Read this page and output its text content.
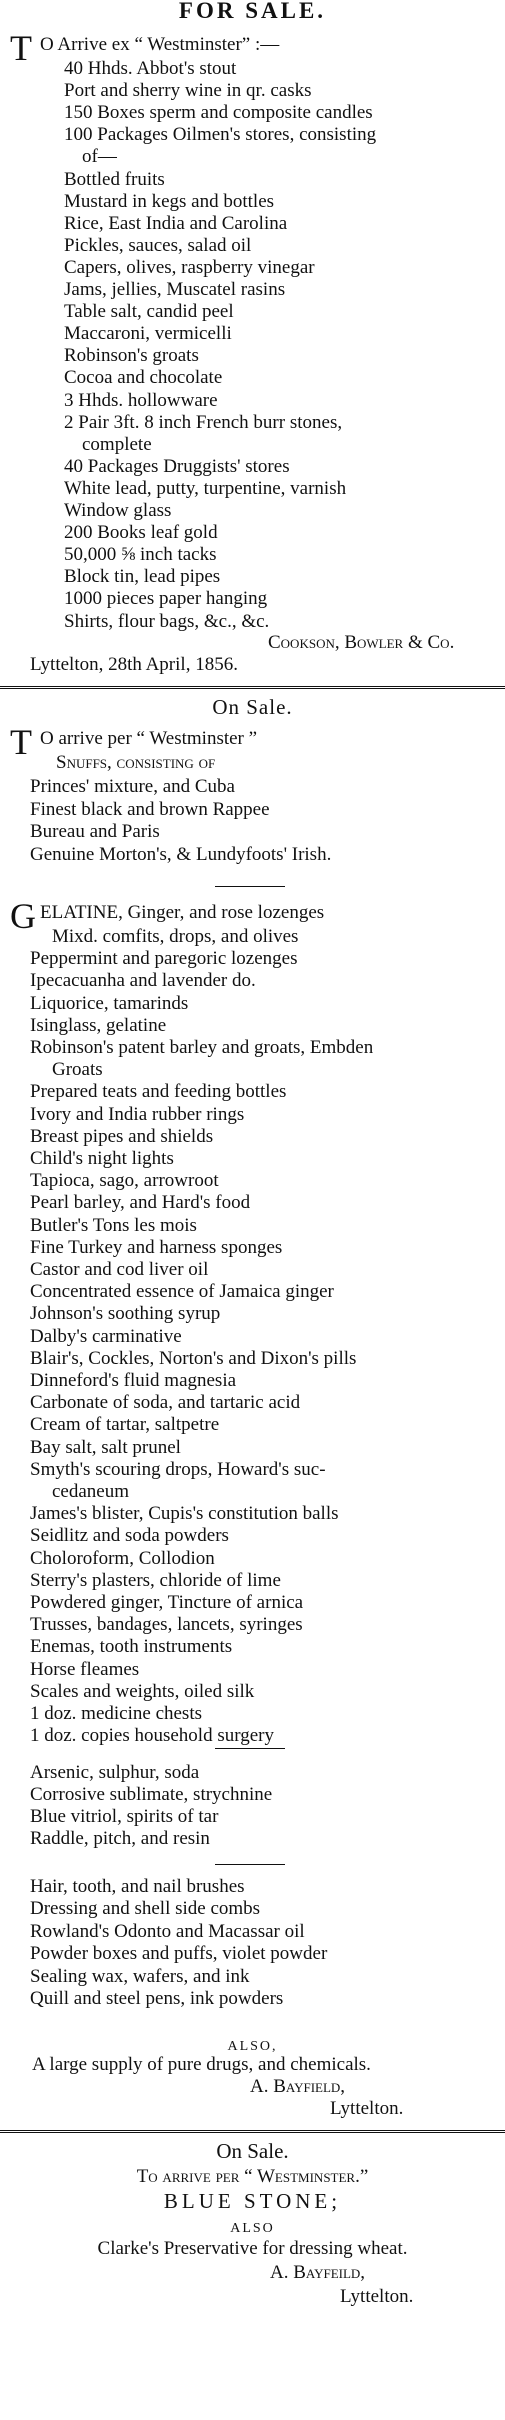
FOR SALE.
T O Arrive ex “ Westminster” :—
40 Hhds. Abbot's stout
Port and sherry wine in qr. casks
150 Boxes sperm and composite candles
100 Packages Oilmen's stores, consisting
of—
Bottled fruits
Mustard in kegs and bottles
Rice, East India and Carolina
Pickles, sauces, salad oil
Capers, olives, raspberry vinegar
Jams, jellies, Muscatel rasins
Table salt, candid peel
Maccaroni, vermicelli
Robinson's groats
Cocoa and chocolate
3 Hhds. hollowware
2 Pair 3ft. 8 inch French burr stones,
complete
40 Packages Druggists' stores
White lead, putty, turpentine, varnish
Window glass
200 Books leaf gold
50,000 ⅝ inch tacks
Block tin, lead pipes
1000 pieces paper hanging
Shirts, flour bags, &c., &c.
Cookson, Bowler & Co.
Lyttelton, 28th April, 1856.
On Sale.
T O arrive per “ Westminster ”
Snuffs, consisting of
Princes' mixture, and Cuba
Finest black and brown Rappee
Bureau and Paris
Genuine Morton's, & Lundyfoots' Irish.
G ELATINE, Ginger, and rose lozenges
Mixd. comfits, drops, and olives
Peppermint and paregoric lozenges
Ipecacuanha and lavender do.
Liquorice, tamarinds
Isinglass, gelatine
Robinson's patent barley and groats, Embden
Groats
Prepared teats and feeding bottles
Ivory and India rubber rings
Breast pipes and shields
Child's night lights
Tapioca, sago, arrowroot
Pearl barley, and Hard's food
Butler's Tons les mois
Fine Turkey and harness sponges
Castor and cod liver oil
Concentrated essence of Jamaica ginger
Johnson's soothing syrup
Dalby's carminative
Blair's, Cockles, Norton's and Dixon's pills
Dinneford's fluid magnesia
Carbonate of soda, and tartaric acid
Cream of tartar, saltpetre
Bay salt, salt prunel
Smyth's scouring drops, Howard's suc-
cedaneum
James's blister, Cupis's constitution balls
Seidlitz and soda powders
Choloroform, Collodion
Sterry's plasters, chloride of lime
Powdered ginger, Tincture of arnica
Trusses, bandages, lancets, syringes
Enemas, tooth instruments
Horse fleames
Scales and weights, oiled silk
1 doz. medicine chests
1 doz. copies household surgery
Arsenic, sulphur, soda
Corrosive sublimate, strychnine
Blue vitriol, spirits of tar
Raddle, pitch, and resin
Hair, tooth, and nail brushes
Dressing and shell side combs
Rowland's Odonto and Macassar oil
Powder boxes and puffs, violet powder
Sealing wax, wafers, and ink
Quill and steel pens, ink powders
ALSO,
A large supply of pure drugs, and chemicals.
A. Bayfield,
Lyttelton.
On Sale.
To arrive per “ Westminster.”
BLUE STONE;
ALSO
Clarke's Preservative for dressing wheat.
A. Bayfeild,
Lyttelton.
